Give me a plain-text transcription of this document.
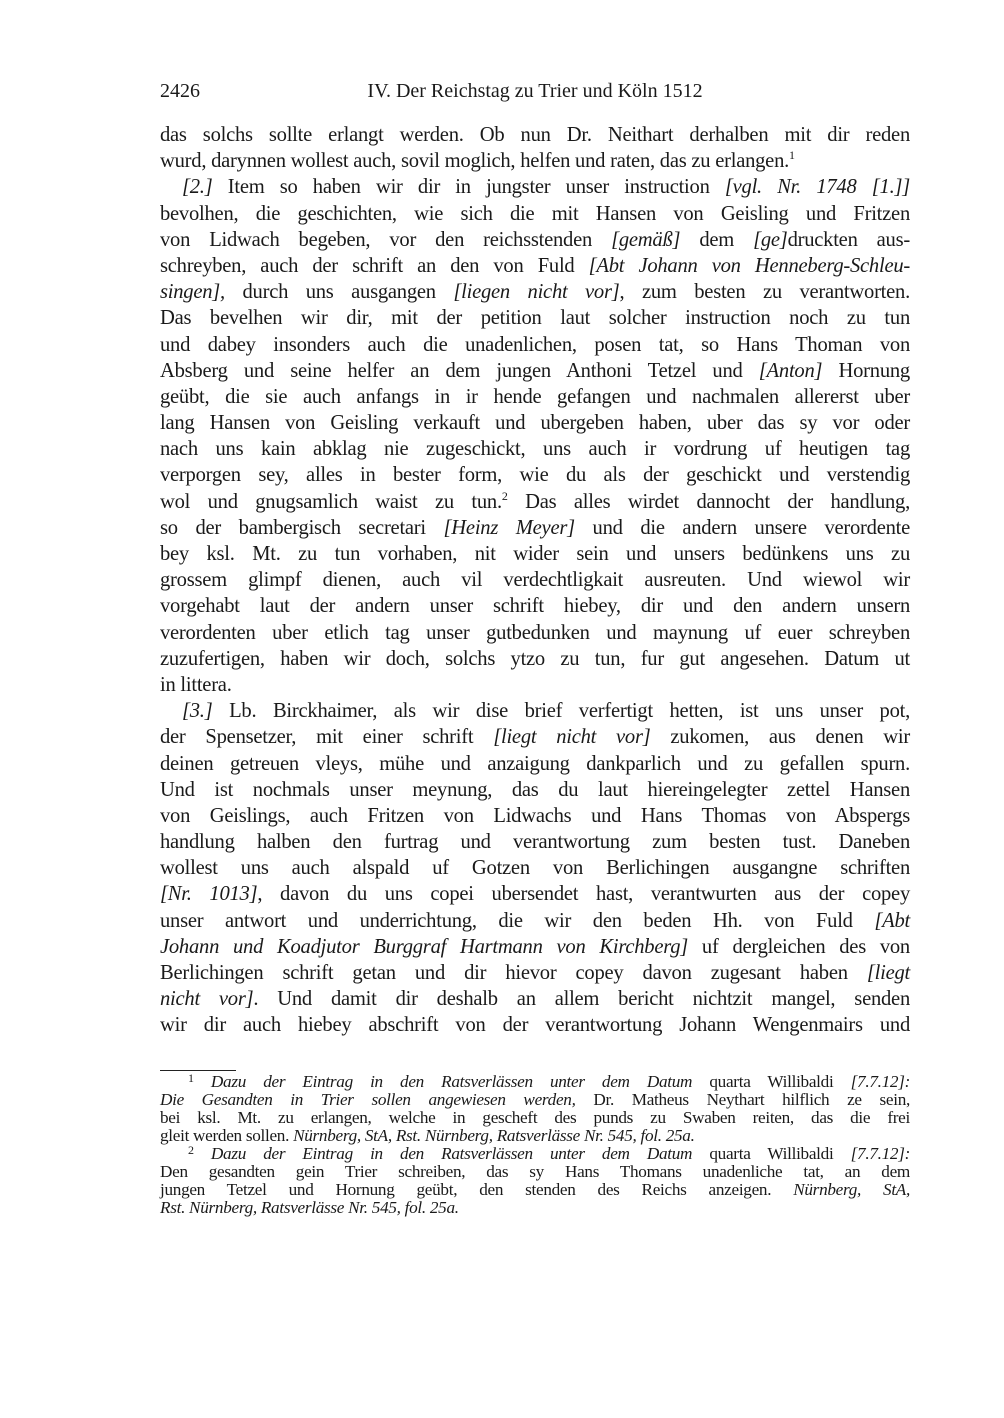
2426	IV. Der Reichstag zu Trier und Köln 1512
das solchs sollte erlangt werden. Ob nun Dr. Neithart derhalben mit dir reden
wurd, darynnen wollest auch, sovil moglich, helfen und raten, das zu erlangen.$^1$
[2.] Item so haben wir dir in jungster unser instruction [vgl. Nr. 1748 [1.]]
bevolhen, die geschichten, wie sich die mit Hansen von Geisling und Fritzen
von Lidwach begeben, vor den reichsstenden [gemäß] dem [ge]druckten aus-
schreyben, auch der schrift an den von Fuld [Abt Johann von Henneberg-Schleu-
singen], durch uns ausgangen [liegen nicht vor], zum besten zu verantworten.
Das bevelhen wir dir, mit der petition laut solcher instruction noch zu tun
und dabey insonders auch die unadenlichen, posen tat, so Hans Thoman von
Absberg und seine helfer an dem jungen Anthoni Tetzel und [Anton] Hornung
geübt, die sie auch anfangs in ir hende gefangen und nachmalen allererst uber
lang Hansen von Geisling verkauft und ubergeben haben, uber das sy vor oder
nach uns kain abklag nie zugeschickt, uns auch ir vordrung uf heutigen tag
verporgen sey, alles in bester form, wie du als der geschickt und verstendig
wol und gnugsamlich waist zu tun.$^2$ Das alles wirdet dannocht der handlung,
so der bambergisch secretari [Heinz Meyer] und die andern unsere verordente
bey ksl. Mt. zu tun vorhaben, nit wider sein und unsers bedünkens uns zu
grossem glimpf dienen, auch vil verdechtligkait ausreuten. Und wiewol wir
vorgehabt laut der andern unser schrift hiebey, dir und den andern unsern
verordenten uber etlich tag unser gutbedunken und maynung uf euer schreyben
zuzufertigen, haben wir doch, solchs ytzo zu tun, fur gut angesehen. Datum ut
in littera.
[3.] Lb. Birckhaimer, als wir dise brief verfertigt hetten, ist uns unser pot,
der Spensetzer, mit einer schrift [liegt nicht vor] zukomen, aus denen wir
deinen getreuen vleys, mühe und anzaigung dankparlich und zu gefallen spurn.
Und ist nochmals unser meynung, das du laut hiereingelegter zettel Hansen
von Geislings, auch Fritzen von Lidwachs und Hans Thomas von Abspergs
handlung halben den furtrag und verantwortung zum besten tust. Daneben
wollest uns auch alspald uf Gotzen von Berlichingen ausgangne schriften
[Nr. 1013], davon du uns copei ubersendet hast, verantwurten aus der copey
unser antwort und underrichtung, die wir den beden Hh. von Fuld [Abt
Johann und Koadjutor Burggraf Hartmann von Kirchberg] uf dergleichen des von
Berlichingen schrift getan und dir hievor copey davon zugesant haben [liegt
nicht vor]. Und damit dir deshalb an allem bericht nichtzit mangel, senden
wir dir auch hiebey abschrift von der verantwortung Johann Wengenmairs und
$^1$ Dazu der Eintrag in den Ratsverlässen unter dem Datum quarta Willibaldi [7.7.12]:
Die Gesandten in Trier sollen angewiesen werden, Dr. Matheus Neythart hilflich ze sein,
bei ksl. Mt. zu erlangen, welche in gescheft des punds zu Swaben reiten, das die frei
gleit werden sollen. Nürnberg, StA, Rst. Nürnberg, Ratsverlässe Nr. 545, fol. 25a.
$^2$ Dazu der Eintrag in den Ratsverlässen unter dem Datum quarta Willibaldi [7.7.12]:
Den gesandten gein Trier schreiben, das sy Hans Thomans unadenliche tat, an dem
jungen Tetzel und Hornung geübt, den stenden des Reichs anzeigen. Nürnberg, StA,
Rst. Nürnberg, Ratsverlässe Nr. 545, fol. 25a.
